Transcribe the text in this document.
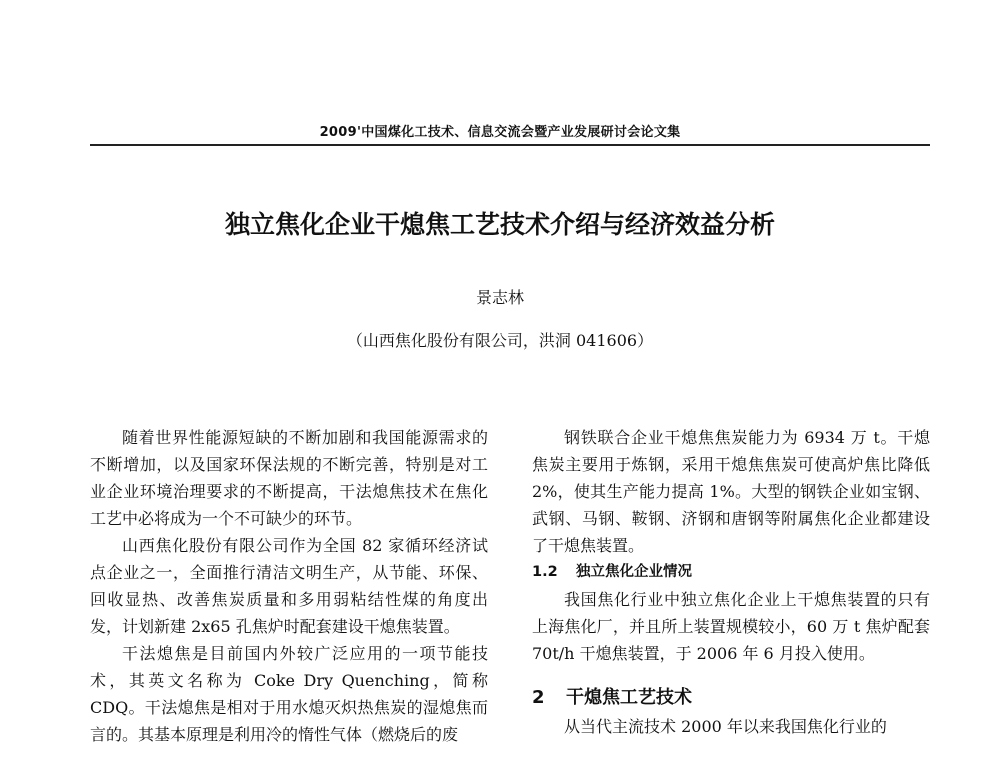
2009'中国煤化工技术、信息交流会暨产业发展研讨会论文集
独立焦化企业干熄焦工艺技术介绍与经济效益分析
景志林
（山西焦化股份有限公司，洪洞 041606）

随着世界性能源短缺的不断加剧和我国能源需求的不断增加，以及国家环保法规的不断完善，特别是对工业企业环境治理要求的不断提高，干法熄焦技术在焦化工艺中必将成为一个不可缺少的环节。

山西焦化股份有限公司作为全国 82 家循环经济试点企业之一，全面推行清洁文明生产，从节能、环保、回收显热、改善焦炭质量和多用弱粘结性煤的角度出发，计划新建 2x65 孔焦炉时配套建设干熄焦装置。

干法熄焦是目前国内外较广泛应用的一项节能技术，其英文名称为 Coke Dry Quenching，简称 CDQ。干法熄焦是相对于用水熄灭炽热焦炭的湿熄焦而言的。其基本原理是利用冷的惰性气体（燃烧后的废

钢铁联合企业干熄焦焦炭能力为 6934 万 t。干熄焦炭主要用于炼钢，采用干熄焦焦炭可使高炉焦比降低 2%，使其生产能力提高 1%。大型的钢铁企业如宝钢、武钢、马钢、鞍钢、济钢和唐钢等附属焦化企业都建设了干熄焦装置。

1.2 独立焦化企业情况

我国焦化行业中独立焦化企业上干熄焦装置的只有上海焦化厂，并且所上装置规模较小，60 万 t 焦炉配套 70t/h 干熄焦装置，于 2006 年 6 月投入使用。

2 干熄焦工艺技术

从当代主流技术 2000 年以来我国焦化行业的
